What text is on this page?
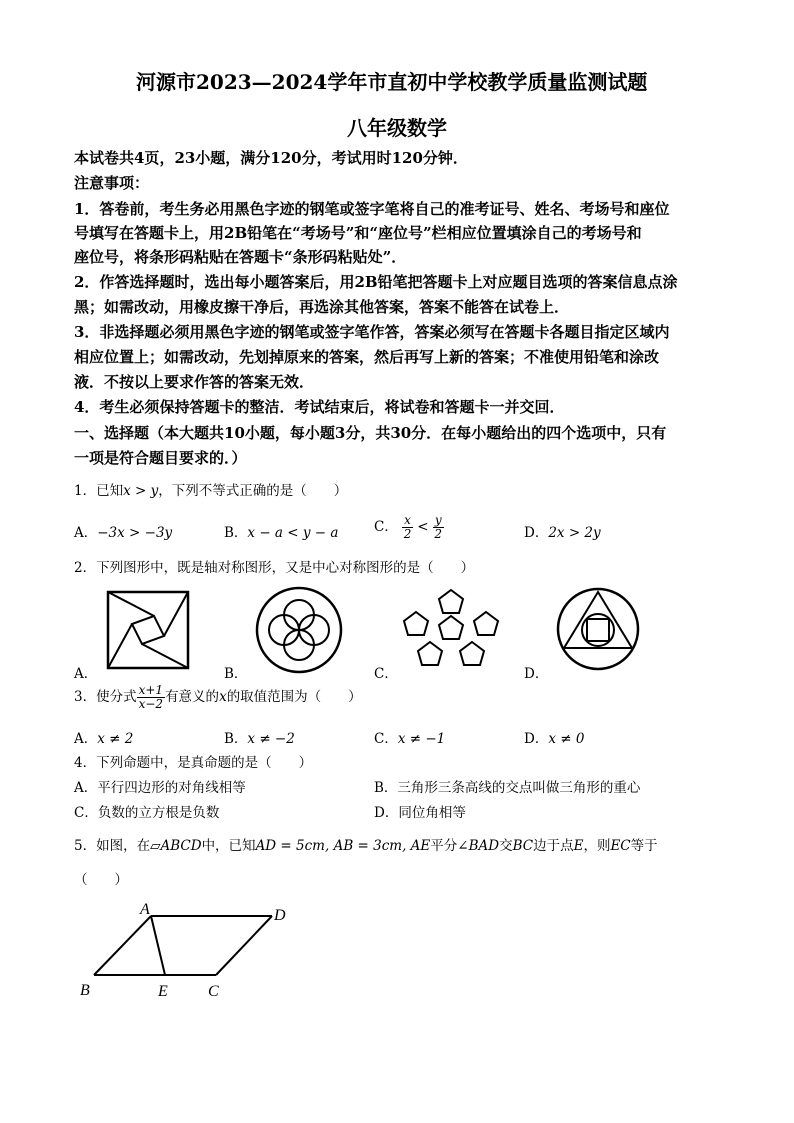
河源市2023—2024学年市直初中学校教学质量监测试题
八年级数学
本试卷共4页，23小题，满分120分，考试用时120分钟．
注意事项：
1．答卷前，考生务必用黑色字迹的钢笔或签字笔将自己的准考证号、姓名、考场号和座位
号填写在答题卡上，用2B铅笔在“考场号”和“座位号”栏相应位置填涂自己的考场号和
座位号，将条形码粘贴在答题卡“条形码粘贴处”．
2．作答选择题时，选出每小题答案后，用2B铅笔把答题卡上对应题目选项的答案信息点涂
黑；如需改动，用橡皮擦干净后，再选涂其他答案，答案不能答在试卷上．
3．非选择题必须用黑色字迹的钢笔或签字笔作答，答案必须写在答题卡各题目指定区域内
相应位置上；如需改动，先划掉原来的答案，然后再写上新的答案；不准使用铅笔和涂改
液．不按以上要求作答的答案无效．
4．考生必须保持答题卡的整洁．考试结束后，将试卷和答题卡一并交回．
一、选择题（本大题共10小题，每小题3分，共30分．在每小题给出的四个选项中，只有
一项是符合题目要求的．）
1．已知x > y，下列不等式正确的是（　　）
A．−3x > −3y	B．x − a < y − a	C． $\frac{x}{2} < \frac{y}{2}$	D．2x > 2y
2．下列图形中，既是轴对称图形，又是中心对称图形的是（　　）
A．	B．	C．	D．
3．使分式 $\frac{x+1}{x-2}$ 有意义的x的取值范围为（　　）
A．x ≠ 2	B．x ≠ −2	C．x ≠ −1	D．x ≠ 0
4．下列命题中，是真命题的是（　　）
A．平行四边形的对角线相等	B．三角形三条高线的交点叫做三角形的重心
C．负数的立方根是负数	D．同位角相等
5．如图，在▱ABCD中，已知AD = 5cm, AB = 3cm, AE平分∠BAD交BC边于点E，则EC等于
（　　）
A	D
B	E	C
